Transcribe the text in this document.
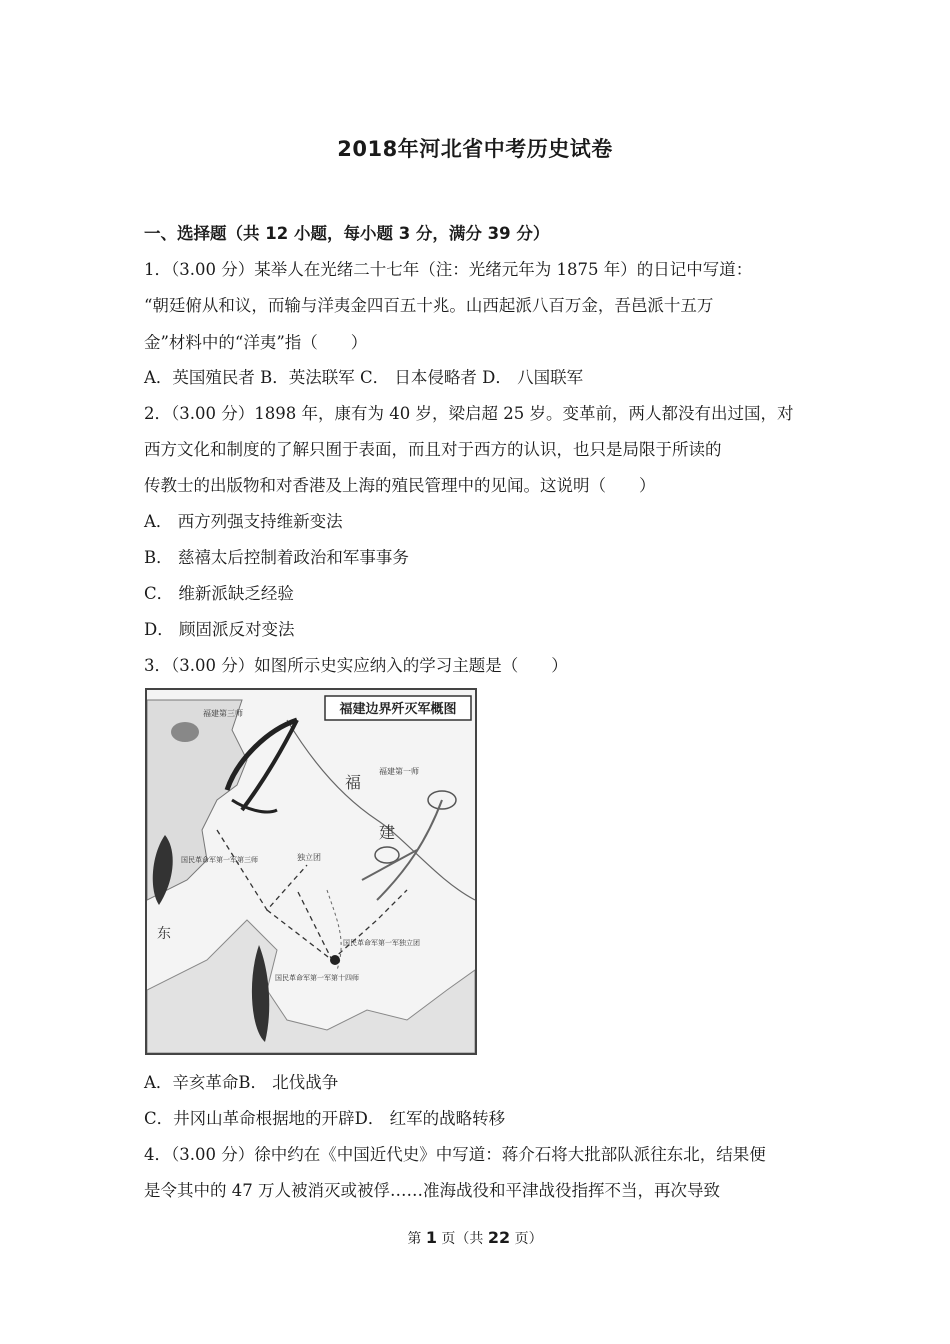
2018年河北省中考历史试卷
一、选择题（共 12 小题，每小题 3 分，满分 39 分）
1．（3.00 分）某举人在光绪二十七年（注：光绪元年为 1875 年）的日记中写道：
“朝廷俯从和议，而输与洋夷金四百五十兆。山西起派八百万金，吾邑派十五万
金”材料中的“洋夷”指（　　）
A．英国殖民者 B．英法联军 C． 日本侵略者 D． 八国联军
2．（3.00 分）1898 年，康有为 40 岁，梁启超 25 岁。变革前，两人都没有出过国，对
西方文化和制度的了解只囿于表面，而且对于西方的认识，也只是局限于所读的
传教士的出版物和对香港及上海的殖民管理中的见闻。这说明（　　）
A． 西方列强支持维新变法
B． 慈禧太后控制着政治和军事事务
C． 维新派缺乏经验
D． 顾固派反对变法
3．（3.00 分）如图所示史实应纳入的学习主题是（　　）
福建边界歼灭军概图
福建第三师
福建第一师
福
建
独立团
国民革命军第一军第三师
东
国民革命军第一军第十四师
国民革命军第一军独立团
A．辛亥革命B． 北伐战争
C．井冈山革命根据地的开辟D． 红军的战略转移
4．（3.00 分）徐中约在《中国近代史》中写道：蒋介石将大批部队派往东北，结果便
是令其中的 47 万人被消灭或被俘……准海战役和平津战役指挥不当，再次导致
第 1 页（共 22 页）
